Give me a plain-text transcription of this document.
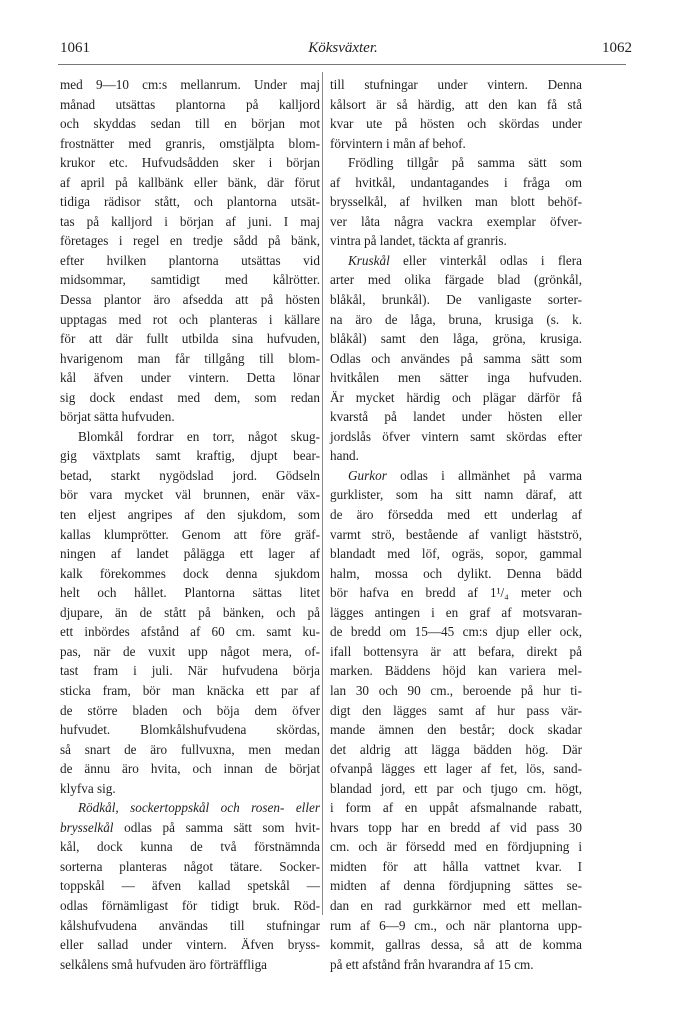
1061	Köksväxter.	1062
med 9—10 cm:s mellanrum. Under maj
månad utsättas plantorna på kalljord
och skyddas sedan till en början mot
frostnätter med granris, omstjälpta blom-
krukor etc. Hufvudsådden sker i början
af april på kallbänk eller bänk, där förut
tidiga rädisor stått, och plantorna utsät-
tas på kalljord i början af juni. I maj
företages i regel en tredje sådd på bänk,
efter hvilken plantorna utsättas vid
midsommar, samtidigt med kålrötter.
Dessa plantor äro afsedda att på hösten
upptagas med rot och planteras i källare
för att där fullt utbilda sina hufvuden,
hvarigenom man får tillgång till blom-
kål äfven under vintern. Detta lönar
sig dock endast med dem, som redan
börjat sätta hufvuden.
Blomkål fordrar en torr, något skug-
gig växtplats samt kraftig, djupt bear-
betad, starkt nygödslad jord. Gödseln
bör vara mycket väl brunnen, enär väx-
ten eljest angripes af den sjukdom, som
kallas klumprötter. Genom att före gräf-
ningen af landet pålägga ett lager af
kalk förekommes dock denna sjukdom
helt och hållet. Plantorna sättas litet
djupare, än de stått på bänken, och på
ett inbördes afstånd af 60 cm. samt ku-
pas, när de vuxit upp något mera, of-
tast fram i juli. När hufvudena börja
sticka fram, bör man knäcka ett par af
de större bladen och böja dem öfver
hufvudet. Blomkålshufvudena skördas,
så snart de äro fullvuxna, men medan
de ännu äro hvita, och innan de börjat
klyfva sig.
Rödkål, sockertoppskål och rosen- eller
brysselkål odlas på samma sätt som hvit-
kål, dock kunna de två förstnämnda
sorterna planteras något tätare. Socker-
toppskål — äfven kallad spetskål —
odlas förnämligast för tidigt bruk. Röd-
kålshufvudena användas till stufningar
eller sallad under vintern. Äfven bryss-
selkålens små hufvuden äro förträffliga
till stufningar under vintern. Denna
kålsort är så härdig, att den kan få stå
kvar ute på hösten och skördas under
förvintern i mån af behof.
Frödling tillgår på samma sätt som
af hvitkål, undantagandes i fråga om
brysselkål, af hvilken man blott behöf-
ver låta några vackra exemplar öfver-
vintra på landet, täckta af granris.
Kruskål eller vinterkål odlas i flera
arter med olika färgade blad (grönkål,
blåkål, brunkål). De vanligaste sorter-
na äro de låga, bruna, krusiga (s. k.
blåkål) samt den låga, gröna, krusiga.
Odlas och användes på samma sätt som
hvitkålen men sätter inga hufvuden.
Är mycket härdig och plägar därför få
kvarstå på landet under hösten eller
jordslås öfver vintern samt skördas efter
hand.
Gurkor odlas i allmänhet på varma
gurklister, som ha sitt namn däraf, att
de äro försedda med ett underlag af
varmt strö, bestående af vanligt hästströ,
blandadt med löf, ogräs, sopor, gammal
halm, mossa och dylikt. Denna bädd
bör hafva en bredd af 1¹/₄ meter och
lägges antingen i en graf af motsvaran-
de bredd om 15—45 cm:s djup eller ock,
ifall bottensyra är att befara, direkt på
marken. Bäddens höjd kan variera mel-
lan 30 och 90 cm., beroende på hur ti-
digt den lägges samt af hur pass vär-
mande ämnen den består; dock skadar
det aldrig att lägga bädden hög. Där
ofvanpå lägges ett lager af fet, lös, sand-
blandad jord, ett par och tjugo cm. högt,
i form af en uppåt afsmalnande rabatt,
hvars topp har en bredd af vid pass 30
cm. och är försedd med en fördjupning i
midten för att hålla vattnet kvar. I
midten af denna fördjupning sättes se-
dan en rad gurkkärnor med ett mellan-
rum af 6—9 cm., och när plantorna upp-
kommit, gallras dessa, så att de komma
på ett afstånd från hvarandra af 15 cm.
